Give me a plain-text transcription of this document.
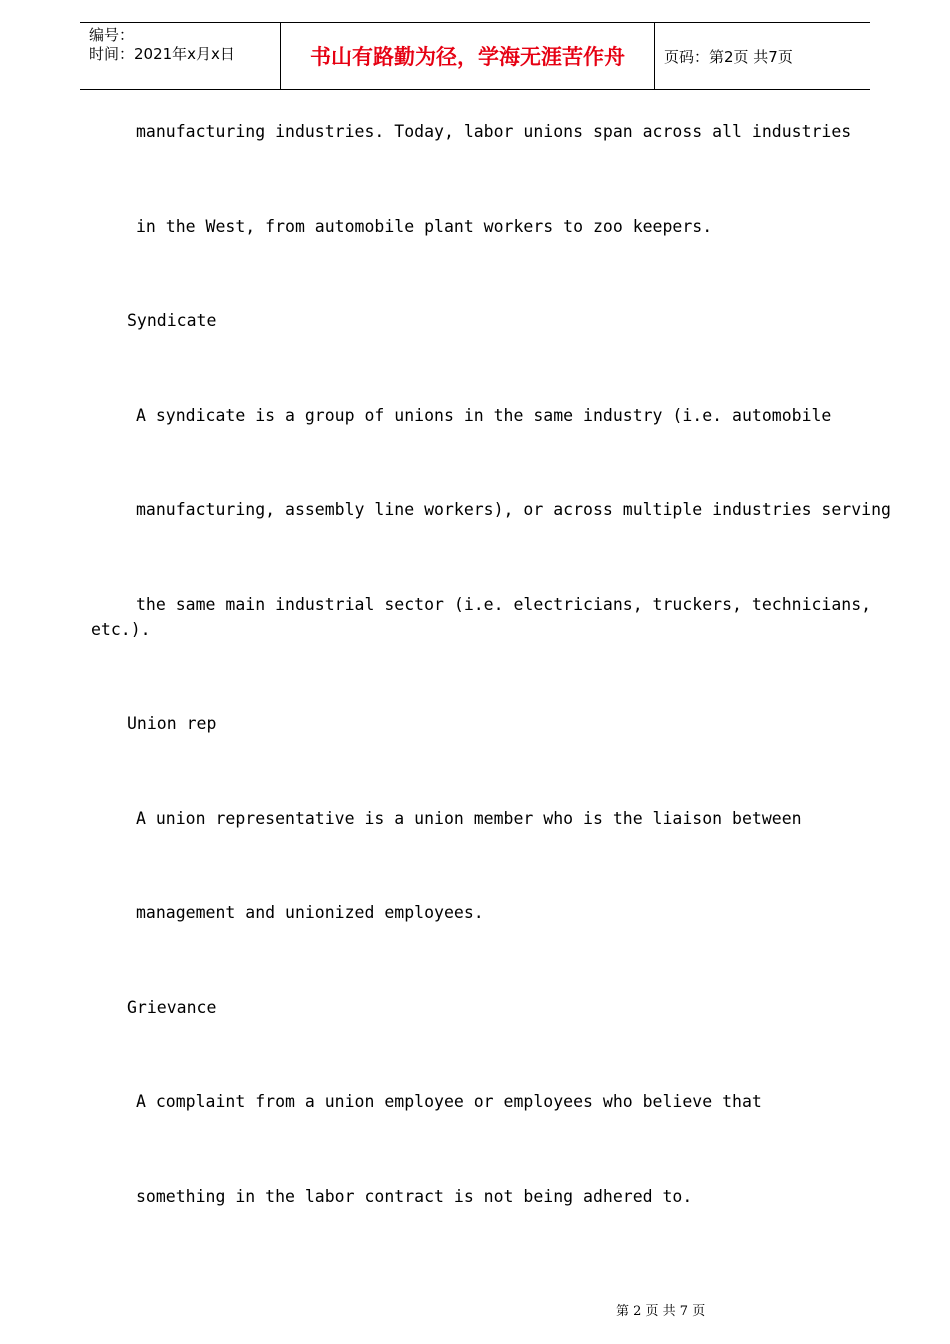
编号：
时间：2021年x月x日	书山有路勤为径，学海无涯苦作舟	页码：第2页 共7页
manufacturing industries. Today, labor unions span across all industries
in the West, from automobile plant workers to zoo keepers.
Syndicate
A syndicate is a group of unions in the same industry (i.e. automobile
manufacturing, assembly line workers), or across multiple industries serving
the same main industrial sector (i.e. electricians, truckers, technicians,
etc.).
Union rep
A union representative is a union member who is the liaison between
management and unionized employees.
Grievance
A complaint from a union employee or employees who believe that
something in the labor contract is not being adhered to.
第 2 页 共 7 页
